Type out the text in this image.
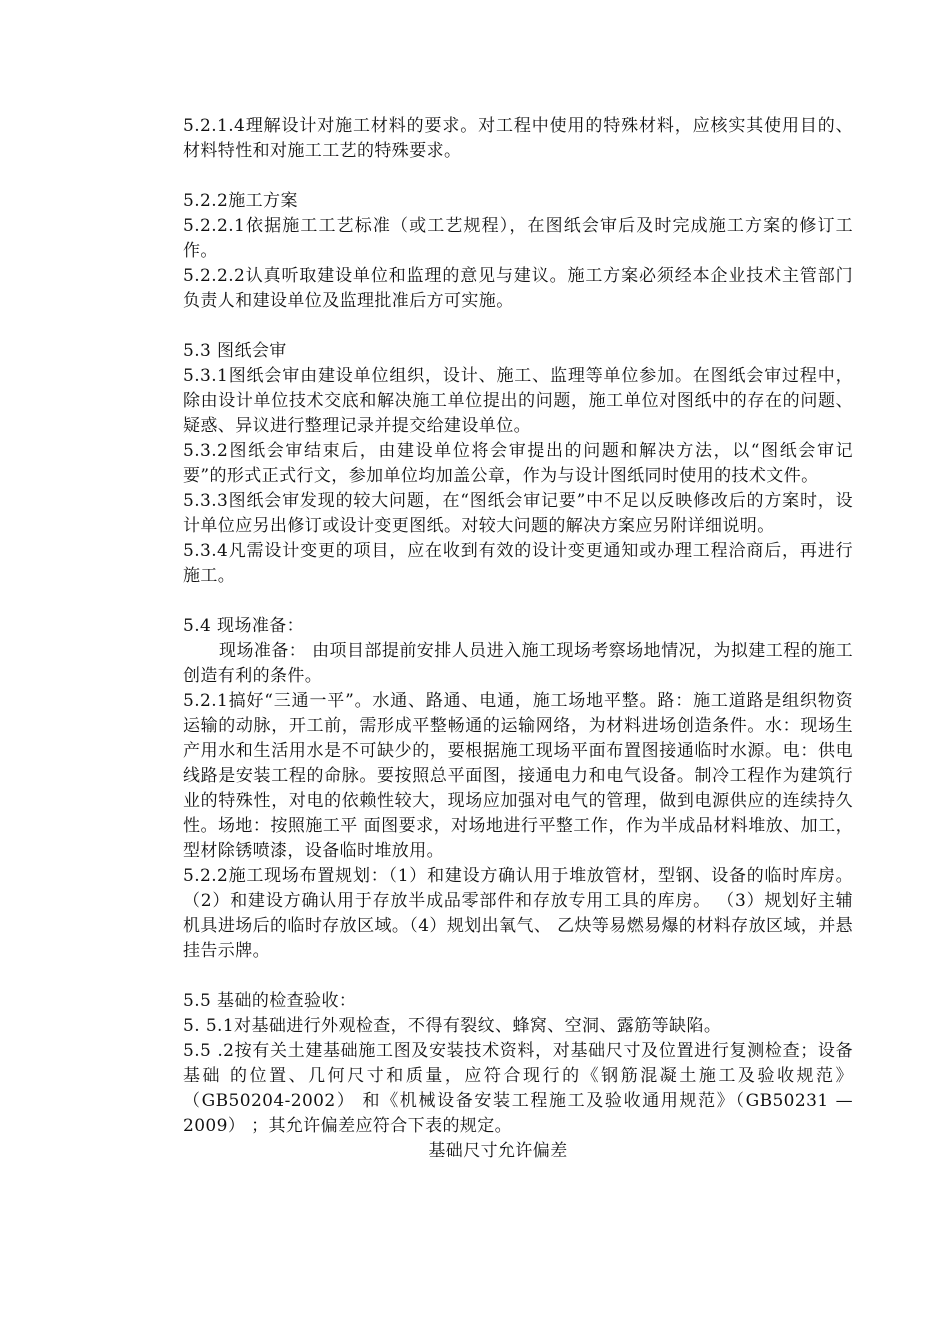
5.2.1.4理解设计对施工材料的要求。对工程中使用的特殊材料，应核实其使用目的、材料特性和对施工工艺的特殊要求。

5.2.2施工方案

5.2.2.1依据施工工艺标准（或工艺规程），在图纸会审后及时完成施工方案的修订工作。

5.2.2.2认真听取建设单位和监理的意见与建议。施工方案必须经本企业技术主管部门负责人和建设单位及监理批准后方可实施。

5.3 图纸会审

5.3.1图纸会审由建设单位组织，设计、施工、监理等单位参加。在图纸会审过程中，除由设计单位技术交底和解决施工单位提出的问题，施工单位对图纸中的存在的问题、疑惑、异议进行整理记录并提交给建设单位。

5.3.2图纸会审结束后，由建设单位将会审提出的问题和解决方法，以“图纸会审记要”的形式正式行文，参加单位均加盖公章，作为与设计图纸同时使用的技术文件。

5.3.3图纸会审发现的较大问题，在“图纸会审记要”中不足以反映修改后的方案时，设计单位应另出修订或设计变更图纸。对较大问题的解决方案应另附详细说明。

5.3.4凡需设计变更的项目，应在收到有效的设计变更通知或办理工程洽商后，再进行施工。

5.4 现场准备：

现场准备： 由项目部提前安排人员进入施工现场考察场地情况，为拟建工程的施工创造有利的条件。

5.2.1搞好“三通一平”。水通、路通、电通，施工场地平整。路：施工道路是组织物资运输的动脉，开工前，需形成平整畅通的运输网络，为材料进场创造条件。水：现场生产用水和生活用水是不可缺少的，要根据施工现场平面布置图接通临时水源。电：供电线路是安装工程的命脉。要按照总平面图，接通电力和电气设备。制冷工程作为建筑行业的特殊性，对电的依赖性较大，现场应加强对电气的管理，做到电源供应的连续持久性。场地：按照施工平 面图要求，对场地进行平整工作，作为半成品材料堆放、加工，型材除锈喷漆，设备临时堆放用。

5.2.2施工现场布置规划：（1）和建设方确认用于堆放管材，型钢、设备的临时库房。（2）和建设方确认用于存放半成品零部件和存放专用工具的库房。 （3）规划好主辅机具进场后的临时存放区域。（4）规划出氧气、 乙炔等易燃易爆的材料存放区域，并悬挂告示牌。

5.5 基础的检查验收：

5. 5.1对基础进行外观检查，不得有裂纹、蜂窝、空洞、露筋等缺陷。

5.5 .2按有关土建基础施工图及安装技术资料，对基础尺寸及位置进行复测检查；设备基础 的位置、几何尺寸和质量，应符合现行的《钢筋混凝土施工及验收规范》 （GB50204-2002） 和《机械设备安装工程施工及验收通用规范》（GB50231 —2009） ；其允许偏差应符合下表的规定。

基础尺寸允许偏差
